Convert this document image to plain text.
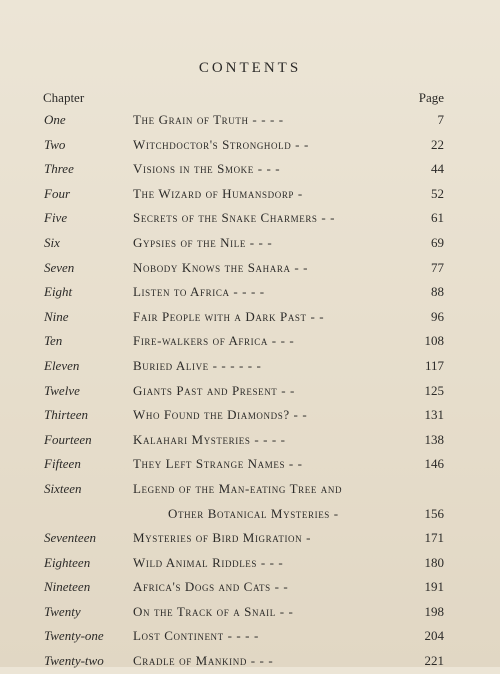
CONTENTS
Chapter	Page
One	The Grain of Truth - - - -	7
Two	Witchdoctor's Stronghold - -	22
Three	Visions in the Smoke - - -	44
Four	The Wizard of Humansdorp -	52
Five	Secrets of the Snake Charmers - -	61
Six	Gypsies of the Nile - - -	69
Seven	Nobody Knows the Sahara - -	77
Eight	Listen to Africa - - - -	88
Nine	Fair People with a Dark Past - -	96
Ten	Fire-walkers of Africa - - -	108
Eleven	Buried Alive - - - - - -	117
Twelve	Giants Past and Present - -	125
Thirteen	Who Found the Diamonds? - -	131
Fourteen	Kalahari Mysteries - - - -	138
Fifteen	They Left Strange Names - -	146
Sixteen	Legend of the Man-eating Tree and
Other Botanical Mysteries -	156
Seventeen	Mysteries of Bird Migration -	171
Eighteen	Wild Animal Riddles - - -	180
Nineteen	Africa's Dogs and Cats - -	191
Twenty	On the Track of a Snail - -	198
Twenty-one Lost Continent - - - -	204
Twenty-two Cradle of Mankind - - -	221
